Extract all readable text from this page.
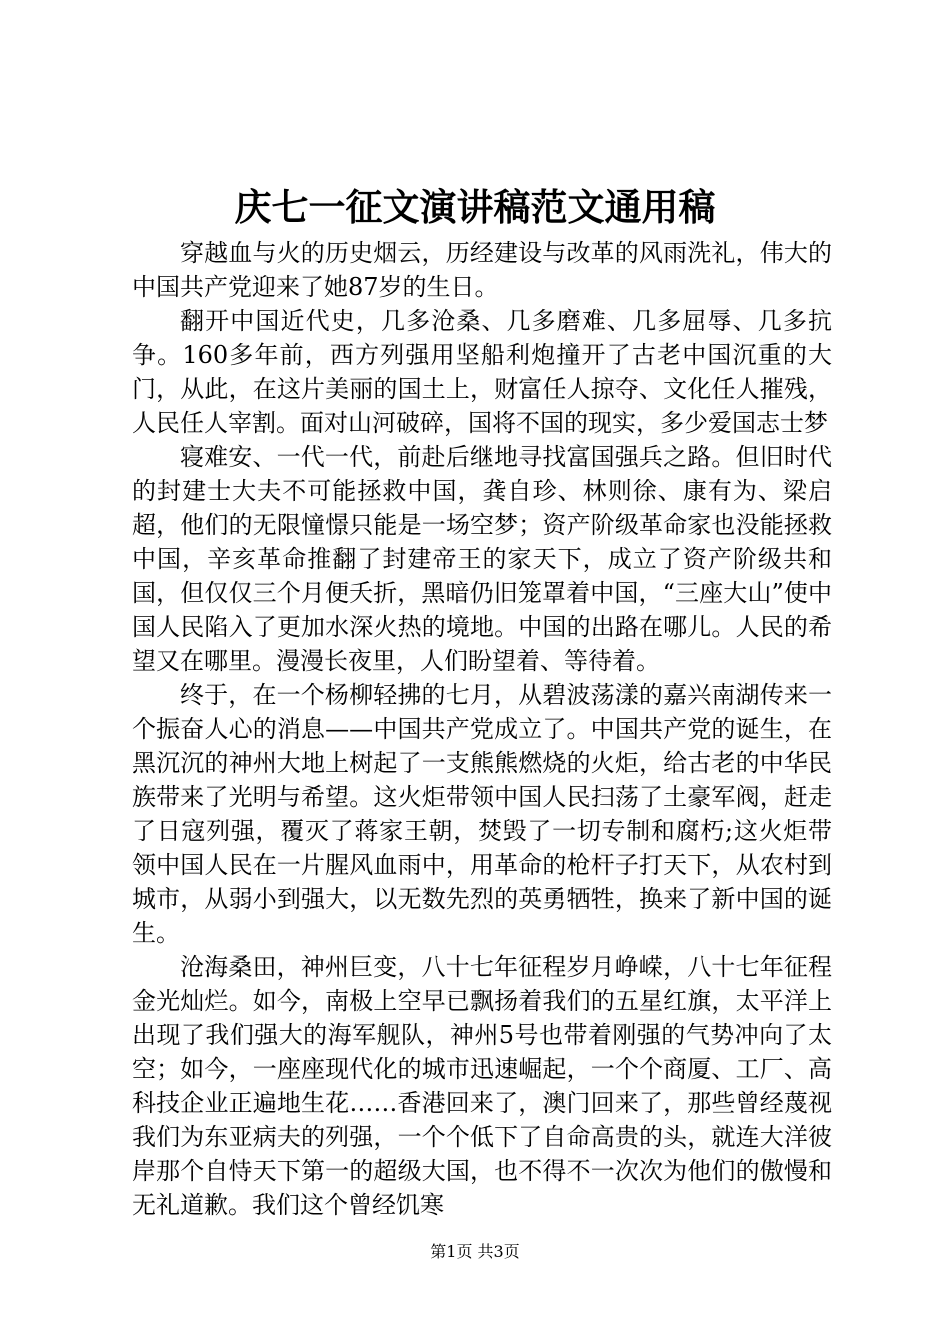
庆七一征文演讲稿范文通用稿

穿越血与火的历史烟云，历经建设与改革的风雨洗礼，伟大的中国共产党迎来了她87岁的生日。

翻开中国近代史，几多沧桑、几多磨难、几多屈辱、几多抗争。160多年前，西方列强用坚船利炮撞开了古老中国沉重的大门，从此，在这片美丽的国土上，财富任人掠夺、文化任人摧残，人民任人宰割。面对山河破碎，国将不国的现实，多少爱国志士梦

寝难安、一代一代，前赴后继地寻找富国强兵之路。但旧时代的封建士大夫不可能拯救中国，龚自珍、林则徐、康有为、梁启超，他们的无限憧憬只能是一场空梦；资产阶级革命家也没能拯救中国，辛亥革命推翻了封建帝王的家天下，成立了资产阶级共和国，但仅仅三个月便夭折，黑暗仍旧笼罩着中国，“三座大山”使中国人民陷入了更加水深火热的境地。中国的出路在哪儿。人民的希望又在哪里。漫漫长夜里，人们盼望着、等待着。

终于，在一个杨柳轻拂的七月，从碧波荡漾的嘉兴南湖传来一个振奋人心的消息——中国共产党成立了。中国共产党的诞生，在黑沉沉的神州大地上树起了一支熊熊燃烧的火炬，给古老的中华民族带来了光明与希望。这火炬带领中国人民扫荡了土豪军阀，赶走了日寇列强，覆灭了蒋家王朝，焚毁了一切专制和腐朽;这火炬带领中国人民在一片腥风血雨中，用革命的枪杆子打天下，从农村到城市，从弱小到强大，以无数先烈的英勇牺牲，换来了新中国的诞生。

沧海桑田，神州巨变，八十七年征程岁月峥嵘，八十七年征程金光灿烂。如今，南极上空早已飘扬着我们的五星红旗，太平洋上出现了我们强大的海军舰队，神州5号也带着刚强的气势冲向了太空；如今，一座座现代化的城市迅速崛起，一个个商厦、工厂、高科技企业正遍地生花……香港回来了，澳门回来了，那些曾经蔑视我们为东亚病夫的列强，一个个低下了自命高贵的头，就连大洋彼岸那个自恃天下第一的超级大国，也不得不一次次为他们的傲慢和无礼道歉。我们这个曾经饥寒

第1页 共3页
